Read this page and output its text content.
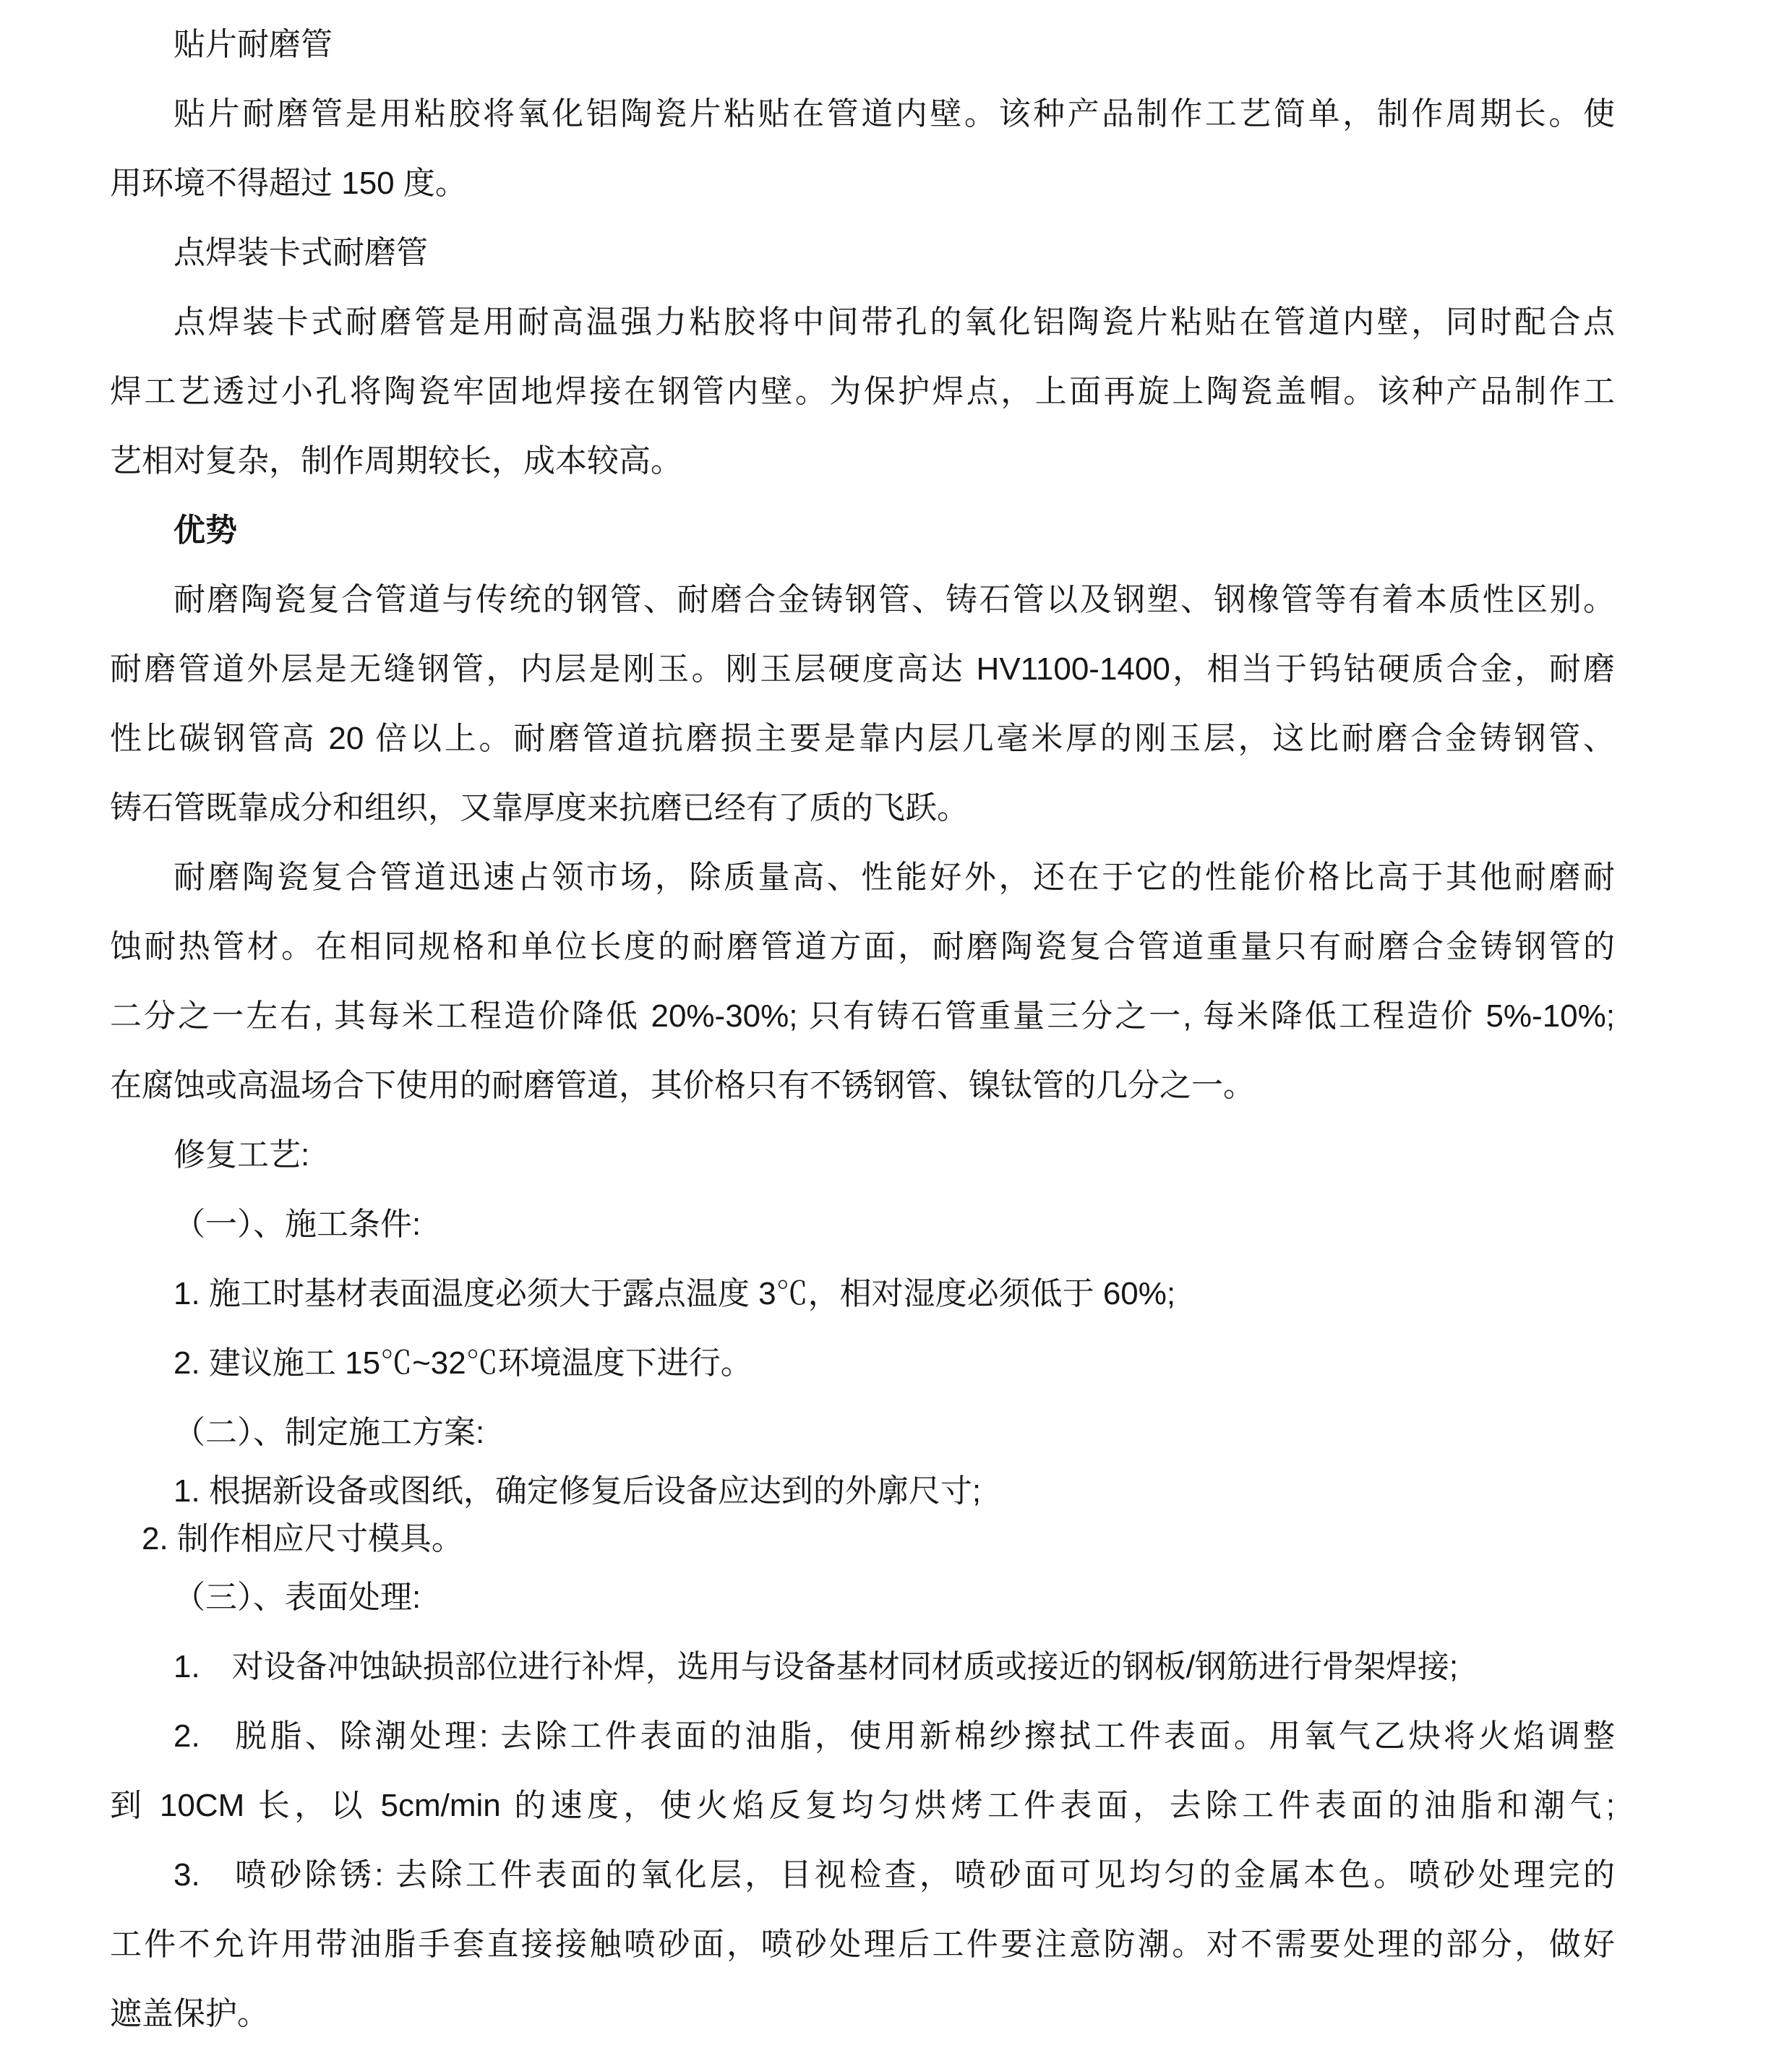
贴片耐磨管
贴片耐磨管是用粘胶将氧化铝陶瓷片粘贴在管道内壁。该种产品制作工艺简单，制作周期长。使
用环境不得超过 150 度。
点焊装卡式耐磨管
点焊装卡式耐磨管是用耐高温强力粘胶将中间带孔的氧化铝陶瓷片粘贴在管道内壁，同时配合点
焊工艺透过小孔将陶瓷牢固地焊接在钢管内壁。为保护焊点，上面再旋上陶瓷盖帽。该种产品制作工
艺相对复杂，制作周期较长，成本较高。
优势
耐磨陶瓷复合管道与传统的钢管、耐磨合金铸钢管、铸石管以及钢塑、钢橡管等有着本质性区别。
耐磨管道外层是无缝钢管，内层是刚玉。刚玉层硬度高达 HV1100-1400，相当于钨钴硬质合金，耐磨
性比碳钢管高 20 倍以上。耐磨管道抗磨损主要是靠内层几毫米厚的刚玉层，这比耐磨合金铸钢管、
铸石管既靠成分和组织，又靠厚度来抗磨已经有了质的飞跃。
耐磨陶瓷复合管道迅速占领市场，除质量高、性能好外，还在于它的性能价格比高于其他耐磨耐
蚀耐热管材。在相同规格和单位长度的耐磨管道方面，耐磨陶瓷复合管道重量只有耐磨合金铸钢管的
二分之一左右, 其每米工程造价降低 20%-30%; 只有铸石管重量三分之一, 每米降低工程造价 5%-10%;
在腐蚀或高温场合下使用的耐磨管道，其价格只有不锈钢管、镍钛管的几分之一。
修复工艺:
（一）、施工条件:
1. 施工时基材表面温度必须大于露点温度 3℃，相对湿度必须低于 60%;
2. 建议施工 15℃~32℃环境温度下进行。
（二）、制定施工方案:
1. 根据新设备或图纸，确定修复后设备应达到的外廓尺寸;
2. 制作相应尺寸模具。
（三）、表面处理:
1. 对设备冲蚀缺损部位进行补焊，选用与设备基材同材质或接近的钢板/钢筋进行骨架焊接;
2. 脱脂、除潮处理: 去除工件表面的油脂，使用新棉纱擦拭工件表面。用氧气乙炔将火焰调整
到 10CM 长，以 5cm/min 的速度，使火焰反复均匀烘烤工件表面，去除工件表面的油脂和潮气;
3. 喷砂除锈: 去除工件表面的氧化层，目视检查，喷砂面可见均匀的金属本色。喷砂处理完的
工件不允许用带油脂手套直接接触喷砂面，喷砂处理后工件要注意防潮。对不需要处理的部分，做好
遮盖保护。
